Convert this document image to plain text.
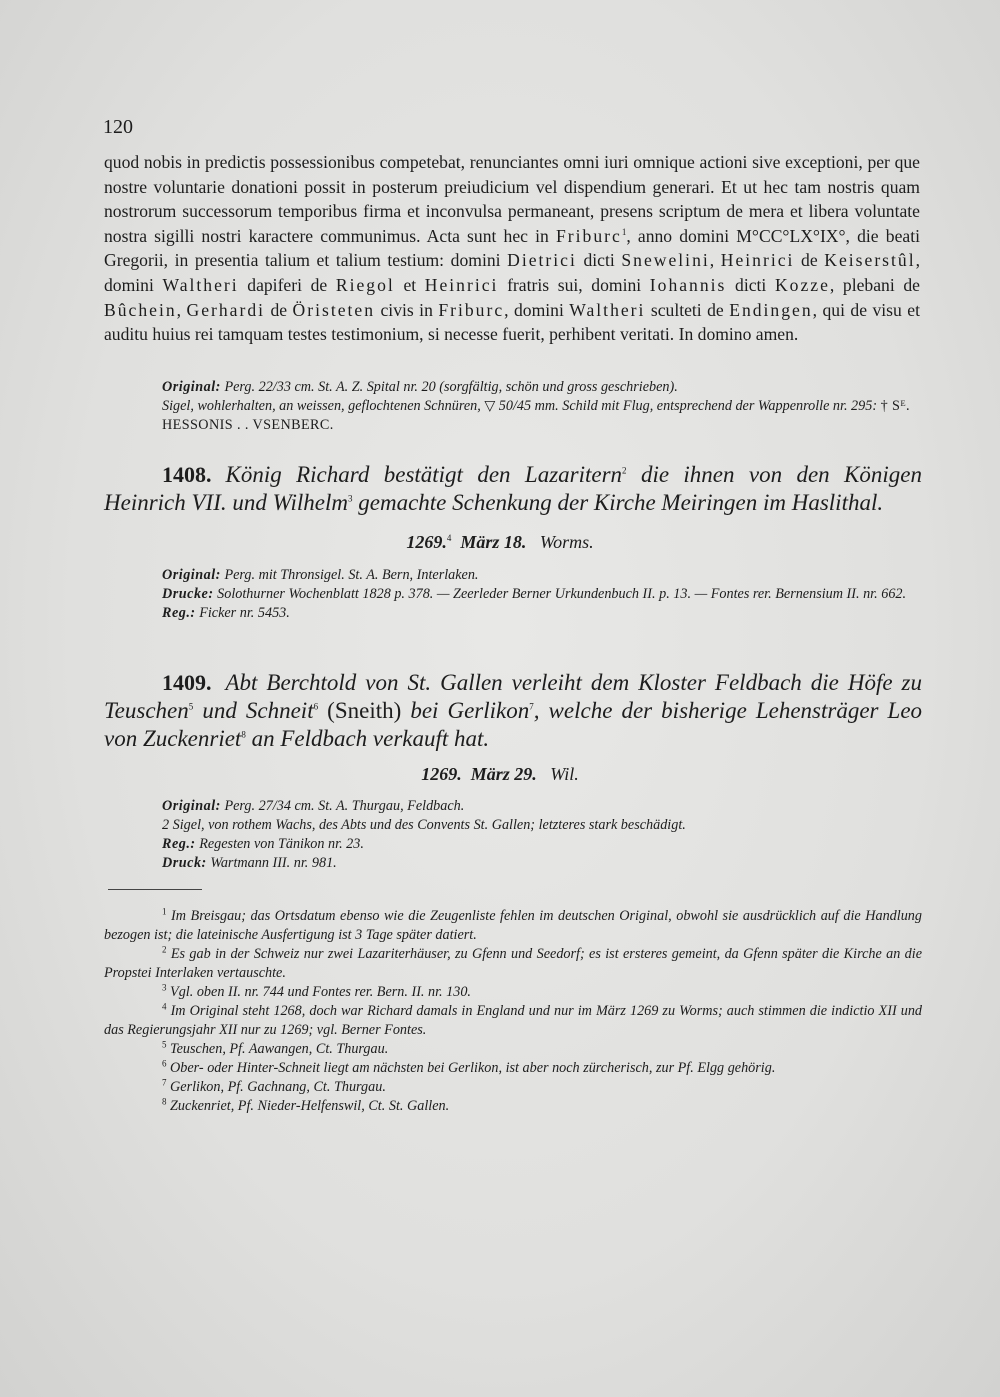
120

quod nobis in predictis possessionibus competebat, renunciantes omni iuri omnique actioni sive exceptioni, per que nostre voluntarie donationi possit in posterum preiudicium vel dispendium generari. Et ut hec tam nostris quam nostrorum successorum temporibus firma et inconvulsa permaneant, presens scriptum de mera et libera voluntate nostra sigilli nostri karactere communimus. Acta sunt hec in Friburc$^1$, anno domini M°CC°LX°IX°, die beati Gregorii, in presentia talium et talium testium: domini Dietrici dicti Snewelini, Heinrici de Keiserstûl, domini Waltheri dapiferi de Riegol et Heinrici fratris sui, domini Iohannis dicti Kozze, plebani de Bûchein, Gerhardi de Öristeten civis in Friburc, domini Waltheri sculteti de Endingen, qui de visu et auditu huius rei tamquam testes testimonium, si necesse fuerit, perhibent veritati. In domino amen.

Original: Perg. 22/33 cm. St. A. Z. Spital nr. 20 (sorgfältig, schön und gross geschrieben).
Sigel, wohlerhalten, an weissen, geflochtenen Schnüren, ▽ 50/45 mm. Schild mit Flug, entsprechend der Wappenrolle nr. 295: † Sᴱ. HESSONIS . . VSENBERC.
1408. König Richard bestätigt den Lazaritern$^2$ die ihnen von den Königen Heinrich VII. und Wilhelm$^3$ gemachte Schenkung der Kirche Meiringen im Haslithal.
1269.$^4$ März 18. Worms.
Original: Perg. mit Thronsigel. St. A. Bern, Interlaken.
Drucke: Solothurner Wochenblatt 1828 p. 378. — Zeerleder Berner Urkundenbuch II. p. 13. — Fontes rer. Bernensium II. nr. 662.
Reg.: Ficker nr. 5453.
1409. Abt Berchtold von St. Gallen verleiht dem Kloster Feldbach die Höfe zu Teuschen$^5$ und Schneit$^6$ (Sneith) bei Gerlikon$^7$, welche der bisherige Lehensträger Leo von Zuckenriet$^8$ an Feldbach verkauft hat.
1269. März 29. Wil.
Original: Perg. 27/34 cm. St. A. Thurgau, Feldbach.
2 Sigel, von rothem Wachs, des Abts und des Convents St. Gallen; letzteres stark beschädigt.
Reg.: Regesten von Tänikon nr. 23.
Druck: Wartmann III. nr. 981.

$^1$ Im Breisgau; das Ortsdatum ebenso wie die Zeugenliste fehlen im deutschen Original, obwohl sie ausdrücklich auf die Handlung bezogen ist; die lateinische Ausfertigung ist 3 Tage später datiert.

$^2$ Es gab in der Schweiz nur zwei Lazariterhäuser, zu Gfenn und Seedorf; es ist ersteres gemeint, da Gfenn später die Kirche an die Propstei Interlaken vertauschte.

$^3$ Vgl. oben II. nr. 744 und Fontes rer. Bern. II. nr. 130.

$^4$ Im Original steht 1268, doch war Richard damals in England und nur im März 1269 zu Worms; auch stimmen die indictio XII und das Regierungsjahr XII nur zu 1269; vgl. Berner Fontes.

$^5$ Teuschen, Pf. Aawangen, Ct. Thurgau.

$^6$ Ober- oder Hinter-Schneit liegt am nächsten bei Gerlikon, ist aber noch zürcherisch, zur Pf. Elgg gehörig.

$^7$ Gerlikon, Pf. Gachnang, Ct. Thurgau.

$^8$ Zuckenriet, Pf. Nieder-Helfenswil, Ct. St. Gallen.
